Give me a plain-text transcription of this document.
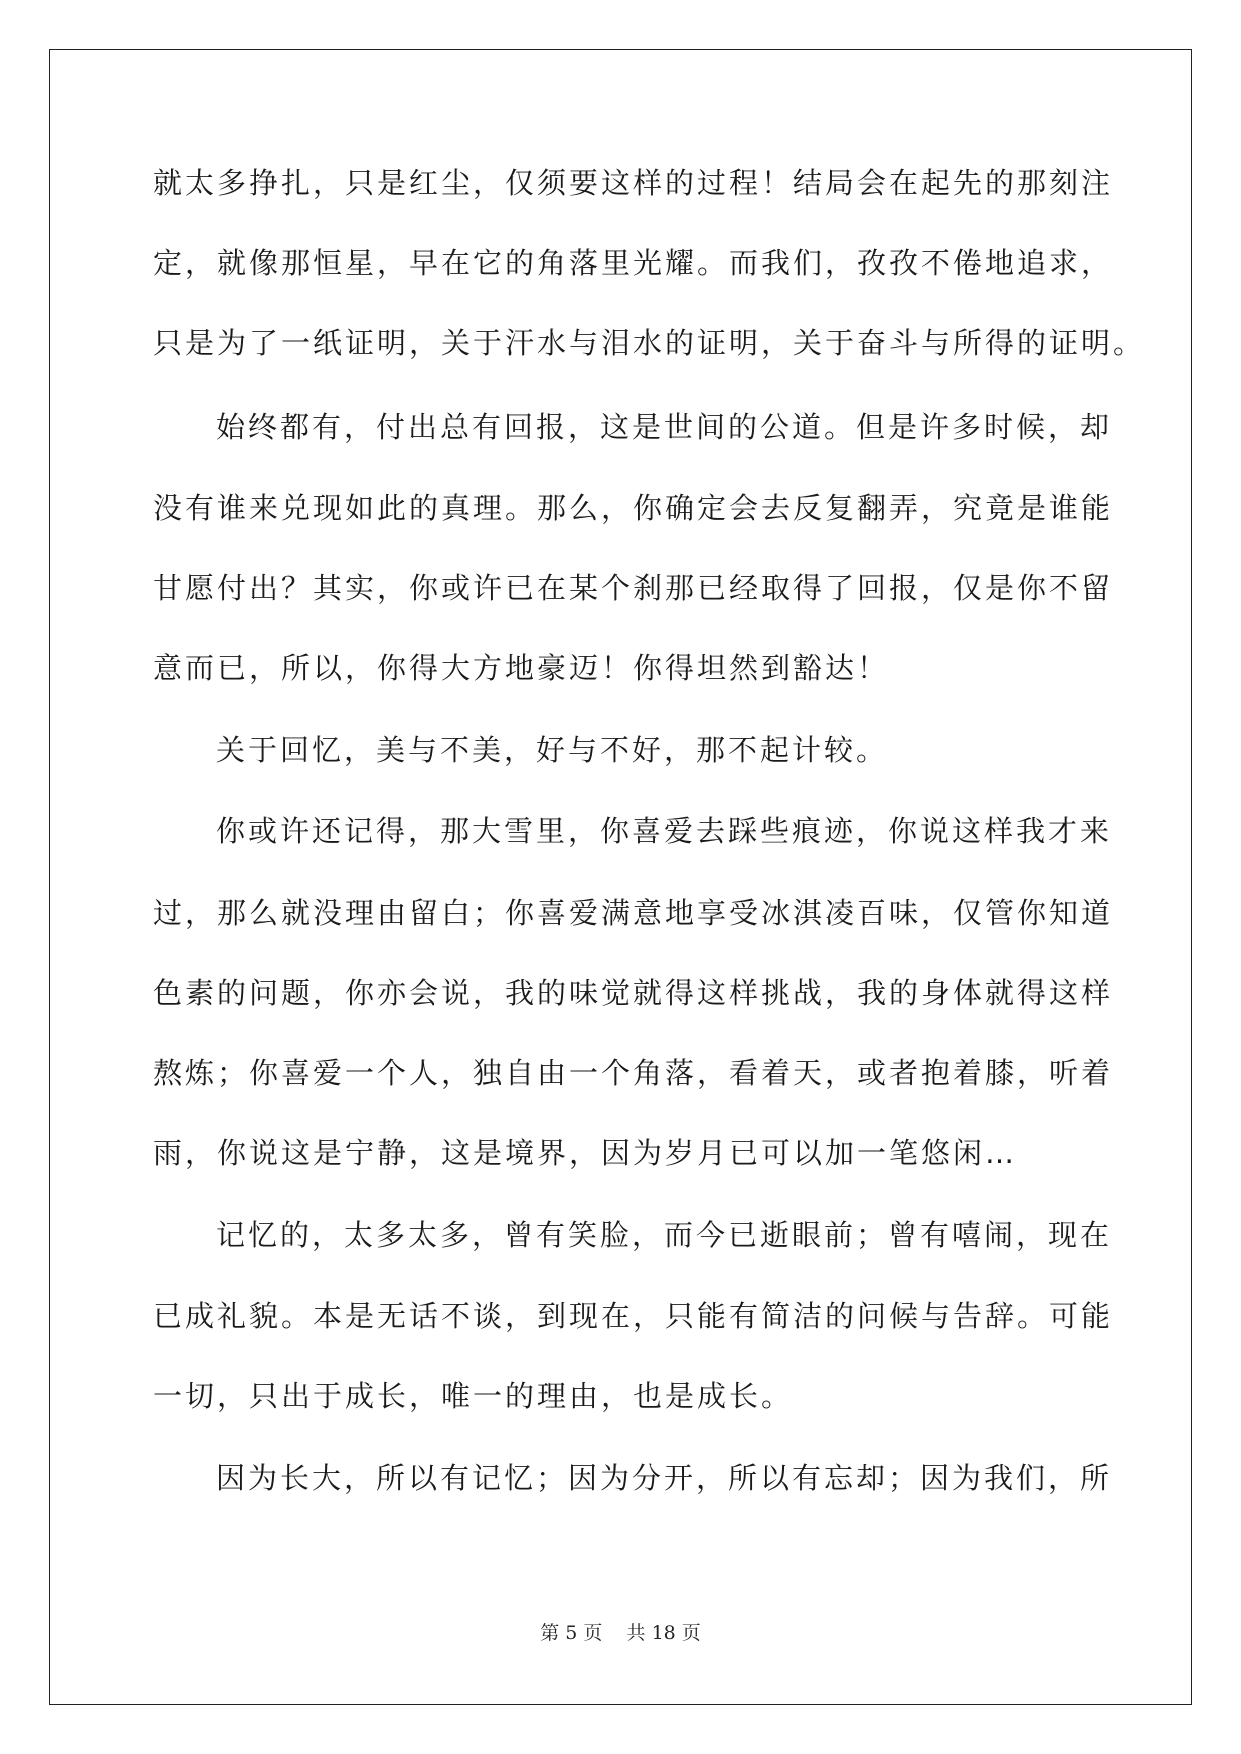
就太多挣扎，只是红尘，仅须要这样的过程！结局会在起先的那刻注
定，就像那恒星，早在它的角落里光耀。而我们，孜孜不倦地追求，
只是为了一纸证明，关于汗水与泪水的证明，关于奋斗与所得的证明。
始终都有，付出总有回报，这是世间的公道。但是许多时候，却
没有谁来兑现如此的真理。那么，你确定会去反复翻弄，究竟是谁能
甘愿付出？其实，你或许已在某个刹那已经取得了回报，仅是你不留
意而已，所以，你得大方地豪迈！你得坦然到豁达！
关于回忆，美与不美，好与不好，那不起计较。
你或许还记得，那大雪里，你喜爱去踩些痕迹，你说这样我才来
过，那么就没理由留白；你喜爱满意地享受冰淇凌百味，仅管你知道
色素的问题，你亦会说，我的味觉就得这样挑战，我的身体就得这样
熬炼；你喜爱一个人，独自由一个角落，看着天，或者抱着膝，听着
雨，你说这是宁静，这是境界，因为岁月已可以加一笔悠闲…
记忆的，太多太多，曾有笑脸，而今已逝眼前；曾有嘻闹，现在
已成礼貌。本是无话不谈，到现在，只能有简洁的问候与告辞。可能
一切，只出于成长，唯一的理由，也是成长。
因为长大，所以有记忆；因为分开，所以有忘却；因为我们，所
第 5 页 共 18 页
